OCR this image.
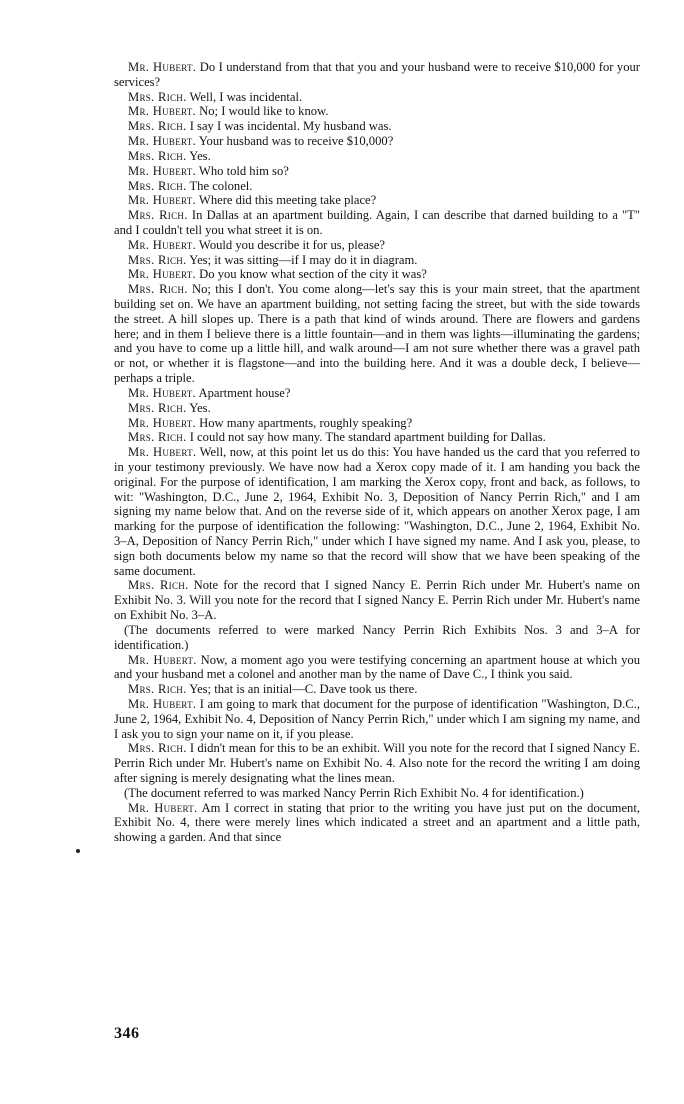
Mr. Hubert. Do I understand from that that you and your husband were to receive $10,000 for your services?

Mrs. Rich. Well, I was incidental.

Mr. Hubert. No; I would like to know.

Mrs. Rich. I say I was incidental. My husband was.

Mr. Hubert. Your husband was to receive $10,000?

Mrs. Rich. Yes.

Mr. Hubert. Who told him so?

Mrs. Rich. The colonel.

Mr. Hubert. Where did this meeting take place?

Mrs. Rich. In Dallas at an apartment building. Again, I can describe that darned building to a "T" and I couldn't tell you what street it is on.

Mr. Hubert. Would you describe it for us, please?

Mrs. Rich. Yes; it was sitting—if I may do it in diagram.

Mr. Hubert. Do you know what section of the city it was?

Mrs. Rich. No; this I don't. You come along—let's say this is your main street, that the apartment building set on. We have an apartment building, not setting facing the street, but with the side towards the street. A hill slopes up. There is a path that kind of winds around. There are flowers and gardens here; and in them I believe there is a little fountain—and in them was lights—illuminating the gardens; and you have to come up a little hill, and walk around—I am not sure whether there was a gravel path or not, or whether it is flagstone—and into the building here. And it was a double deck, I believe—perhaps a triple.

Mr. Hubert. Apartment house?

Mrs. Rich. Yes.

Mr. Hubert. How many apartments, roughly speaking?

Mrs. Rich. I could not say how many. The standard apartment building for Dallas.

Mr. Hubert. Well, now, at this point let us do this: You have handed us the card that you referred to in your testimony previously. We have now had a Xerox copy made of it. I am handing you back the original. For the purpose of identification, I am marking the Xerox copy, front and back, as follows, to wit: "Washington, D.C., June 2, 1964, Exhibit No. 3, Deposition of Nancy Perrin Rich," and I am signing my name below that. And on the reverse side of it, which appears on another Xerox page, I am marking for the purpose of identification the following: "Washington, D.C., June 2, 1964, Exhibit No. 3–A, Deposition of Nancy Perrin Rich," under which I have signed my name. And I ask you, please, to sign both documents below my name so that the record will show that we have been speaking of the same document.

Mrs. Rich. Note for the record that I signed Nancy E. Perrin Rich under Mr. Hubert's name on Exhibit No. 3. Will you note for the record that I signed Nancy E. Perrin Rich under Mr. Hubert's name on Exhibit No. 3–A.

(The documents referred to were marked Nancy Perrin Rich Exhibits Nos. 3 and 3–A for identification.)

Mr. Hubert. Now, a moment ago you were testifying concerning an apartment house at which you and your husband met a colonel and another man by the name of Dave C., I think you said.

Mrs. Rich. Yes; that is an initial—C. Dave took us there.

Mr. Hubert. I am going to mark that document for the purpose of identification "Washington, D.C., June 2, 1964, Exhibit No. 4, Deposition of Nancy Perrin Rich," under which I am signing my name, and I ask you to sign your name on it, if you please.

Mrs. Rich. I didn't mean for this to be an exhibit. Will you note for the record that I signed Nancy E. Perrin Rich under Mr. Hubert's name on Exhibit No. 4. Also note for the record the writing I am doing after signing is merely designating what the lines mean.

(The document referred to was marked Nancy Perrin Rich Exhibit No. 4 for identification.)

Mr. Hubert. Am I correct in stating that prior to the writing you have just put on the document, Exhibit No. 4, there were merely lines which indicated a street and an apartment and a little path, showing a garden. And that since

346
